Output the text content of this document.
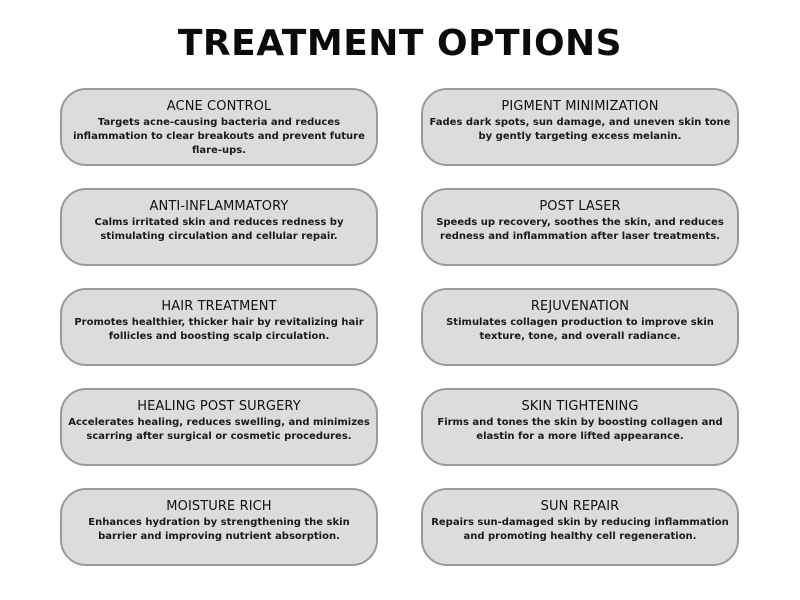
TREATMENT OPTIONS
ACNE CONTROL
Targets acne-causing bacteria and reduces inflammation to clear breakouts and prevent future flare-ups.
PIGMENT MINIMIZATION
Fades dark spots, sun damage, and uneven skin tone by gently targeting excess melanin.
ANTI-INFLAMMATORY
Calms irritated skin and reduces redness by stimulating circulation and cellular repair.
POST LASER
Speeds up recovery, soothes the skin, and reduces redness and inflammation after laser treatments.
HAIR TREATMENT
Promotes healthier, thicker hair by revitalizing hair follicles and boosting scalp circulation.
REJUVENATION
Stimulates collagen production to improve skin texture, tone, and overall radiance.
HEALING POST SURGERY
Accelerates healing, reduces swelling, and minimizes scarring after surgical or cosmetic procedures.
SKIN TIGHTENING
Firms and tones the skin by boosting collagen and elastin for a more lifted appearance.
MOISTURE RICH
Enhances hydration by strengthening the skin barrier and improving nutrient absorption.
SUN REPAIR
Repairs sun-damaged skin by reducing inflammation and promoting healthy cell regeneration.
